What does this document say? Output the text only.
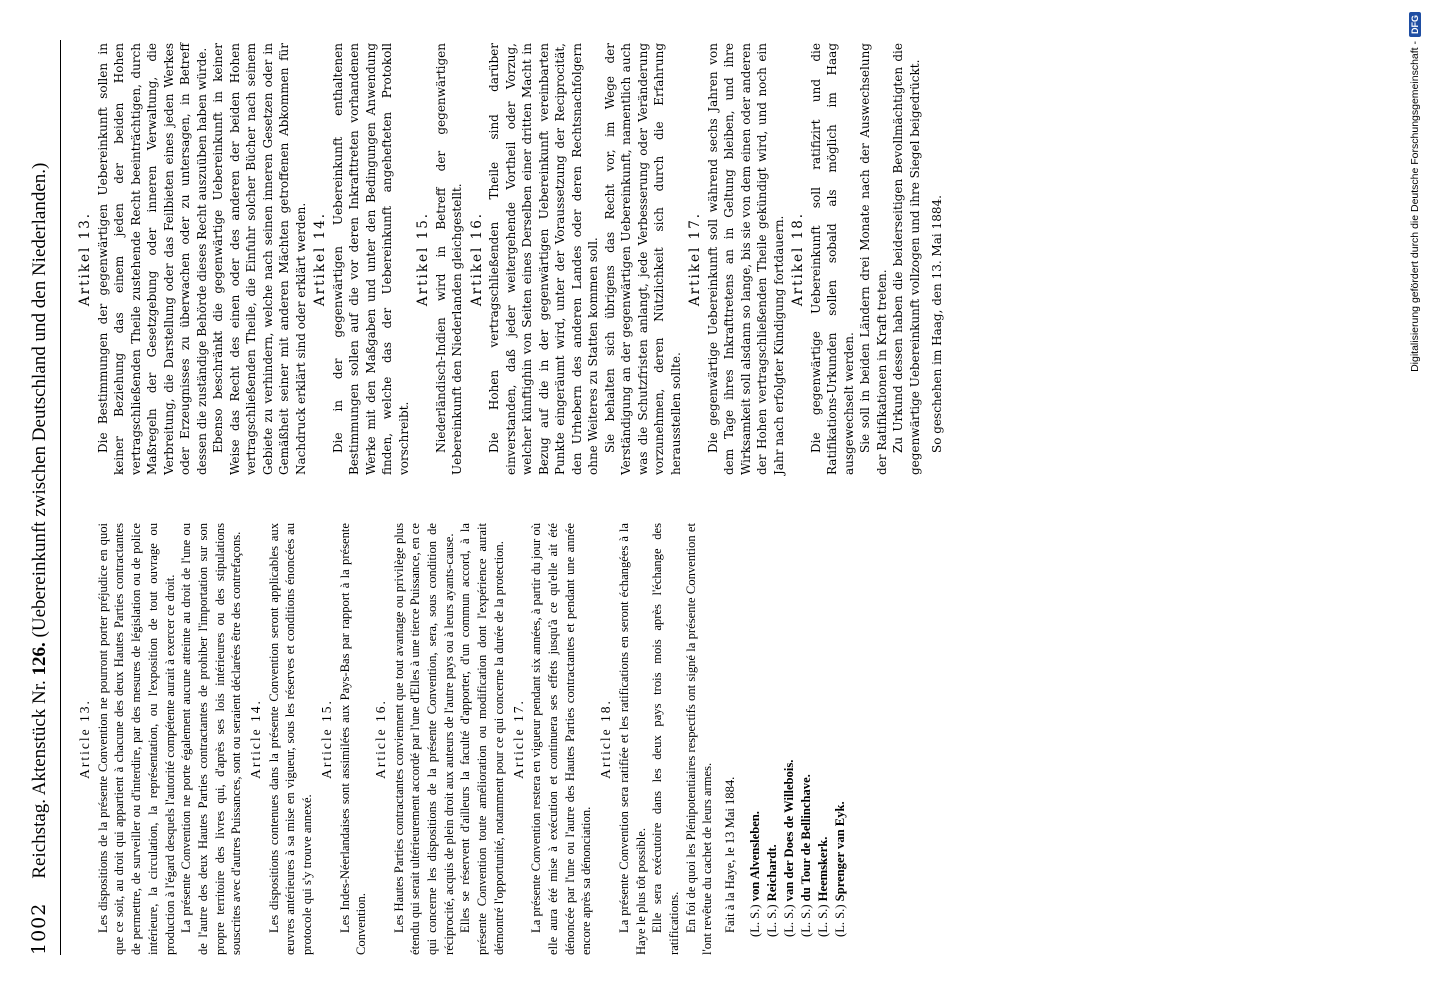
1002
Reichstag. Aktenstück Nr. 126. (Uebereinkunft zwischen Deutschland und den Niederlanden.)
Article 13. Les dispositions de la présente Convention ne pourront porter préjudice en quoi que ce soit, au droit qui appartient à chacune des deux Hautes Parties contractantes de permettre, de surveiller ou d'interdire, par des mesures de législation ou de police intérieure, la circulation, la représentation, ou l'exposition de tout ouvrage ou production à l'égard desquels l'autorité compétente aurait à exercer ce droit. La présente Convention ne porte également aucune atteinte au droit de l'une ou de l'autre des deux Hautes Parties contractantes de prohiber l'importation sur son propre territoire des livres qui, d'après ses lois intérieures ou des stipulations souscrites avec d'autres Puissances, sont ou seraient déclarées être des contrefaçons. Article 14. Les dispositions contenues dans la présente Convention seront applicables aux œuvres antérieures à sa mise en vigueur, sous les réserves et conditions énoncées au protocole qui s'y trouve annexé.

Article 15. Les Indes-Néerlandaises sont assimilées aux Pays-Bas par rapport à la présente Convention.

Article 16. Les Hautes Parties contractantes conviennent que tout avantage ou privilège plus étendu qui serait ultérieurement accordé par l'une d'Elles à une tierce Puissance, en ce qui concerne les dispositions de la présente Convention, sera, sous condition de réciprocité, acquis de plein droit aux auteurs de l'autre pays ou à leurs ayants-cause. Elles se réservent d'ailleurs la faculté d'apporter, d'un commun accord, à la présente Convention toute amélioration ou modification dont l'expérience aurait démontré l'opportunité, notamment pour ce qui concerne la durée de la protection. Article 17. La présente Convention restera en vigueur pendant six années, à partir du jour où elle aura été mise à exécution et continuera ses effets jusqu'à ce qu'elle ait été dénoncée par l'une ou l'autre des Hautes Parties contractantes et pendant une année encore après sa dénonciation.

Article 18. La présente Convention sera ratifiée et les ratifications en seront échangées à la Haye le plus tôt possible. Elle sera exécutoire dans les deux pays trois mois après l'échange des ratifications. En foi de quoi les Plénipotentiaires respectifs ont signé la présente Convention et l'ont revêtue du cachet de leurs armes. Fait à la Haye, le 13 Mai 1884. (L. S.) von Alvensleben.

(L. S.) Reichardt.

(L. S.) van der Does de Willebois.

(L. S.) du Tour de Bellinchave.

(L. S.) Heemskerk.

(L. S.) Sprenger van Eyk.

Artikel 13. Die Bestimmungen der gegenwärtigen Uebereinkunft sollen in keiner Beziehung das einem jeden der beiden Hohen vertragschließenden Theile zustehende Recht beeinträchtigen, durch Maßregeln der Gesetzgebung oder inneren Verwaltung, die Verbreitung, die Darstellung oder das Feilbieten eines jeden Werkes oder Erzeugnisses zu überwachen oder zu untersagen, in Betreff dessen die zuständige Behörde dieses Recht auszuüben haben würde. Ebenso beschränkt die gegenwärtige Uebereinkunft in keiner Weise das Recht des einen oder des anderen der beiden Hohen vertragschließenden Theile, die Einfuhr solcher Bücher nach seinem Gebiete zu verhindern, welche nach seinen inneren Gesetzen oder in Gemäßheit seiner mit anderen Mächten getroffenen Abkommen für Nachdruck erklärt sind oder erklärt werden. Artikel 14. Die in der gegenwärtigen Uebereinkunft enthaltenen Bestimmungen sollen auf die vor deren Inkrafttreten vorhandenen Werke mit den Maßgaben und unter den Bedingungen Anwendung finden, welche das der Uebereinkunft angehefteten Protokoll vorschreibt.

Artikel 15. Niederländisch-Indien wird in Betreff der gegenwärtigen Uebereinkunft den Niederlanden gleichgestellt. Artikel 16. Die Hohen vertragschließenden Theile sind darüber einverstanden, daß jeder weitergehende Vortheil oder Vorzug, welcher künftighin von Seiten eines Derselben einer dritten Macht in Bezug auf die in der gegenwärtigen Uebereinkunft vereinbarten Punkte eingeräumt wird, unter der Voraussetzung der Reciprocität, den Urhebern des anderen Landes oder deren Rechtsnachfolgern ohne Weiteres zu Statten kommen soll. Sie behalten sich übrigens das Recht vor, im Wege der Verständigung an der gegenwärtigen Uebereinkunft, namentlich auch was die Schutzfristen anlangt, jede Verbesserung oder Veränderung vorzunehmen, deren Nützlichkeit sich durch die Erfahrung herausstellen sollte.

Artikel 17. Die gegenwärtige Uebereinkunft soll während sechs Jahren von dem Tage ihres Inkrafttretens an in Geltung bleiben, und ihre Wirksamkeit soll alsdann so lange, bis sie von dem einen oder anderen der Hohen vertragschließenden Theile gekündigt wird, und noch ein Jahr nach erfolgter Kündigung fortdauern. Artikel 18. Die gegenwärtige Uebereinkunft soll ratifizirt und die Ratifikations-Urkunden sollen sobald als möglich im Haag ausgewechselt werden. Sie soll in beiden Ländern drei Monate nach der Auswechselung der Ratifikationen in Kraft treten. Zu Urkund dessen haben die beiderseitigen Bevollmächtigten die gegenwärtige Uebereinkunft vollzogen und ihre Siegel beigedrückt. So geschehen im Haag, den 13. Mai 1884.	Digitalisierung gefördert durch die Deutsche Forschungsgemeinschaft -
DFG
